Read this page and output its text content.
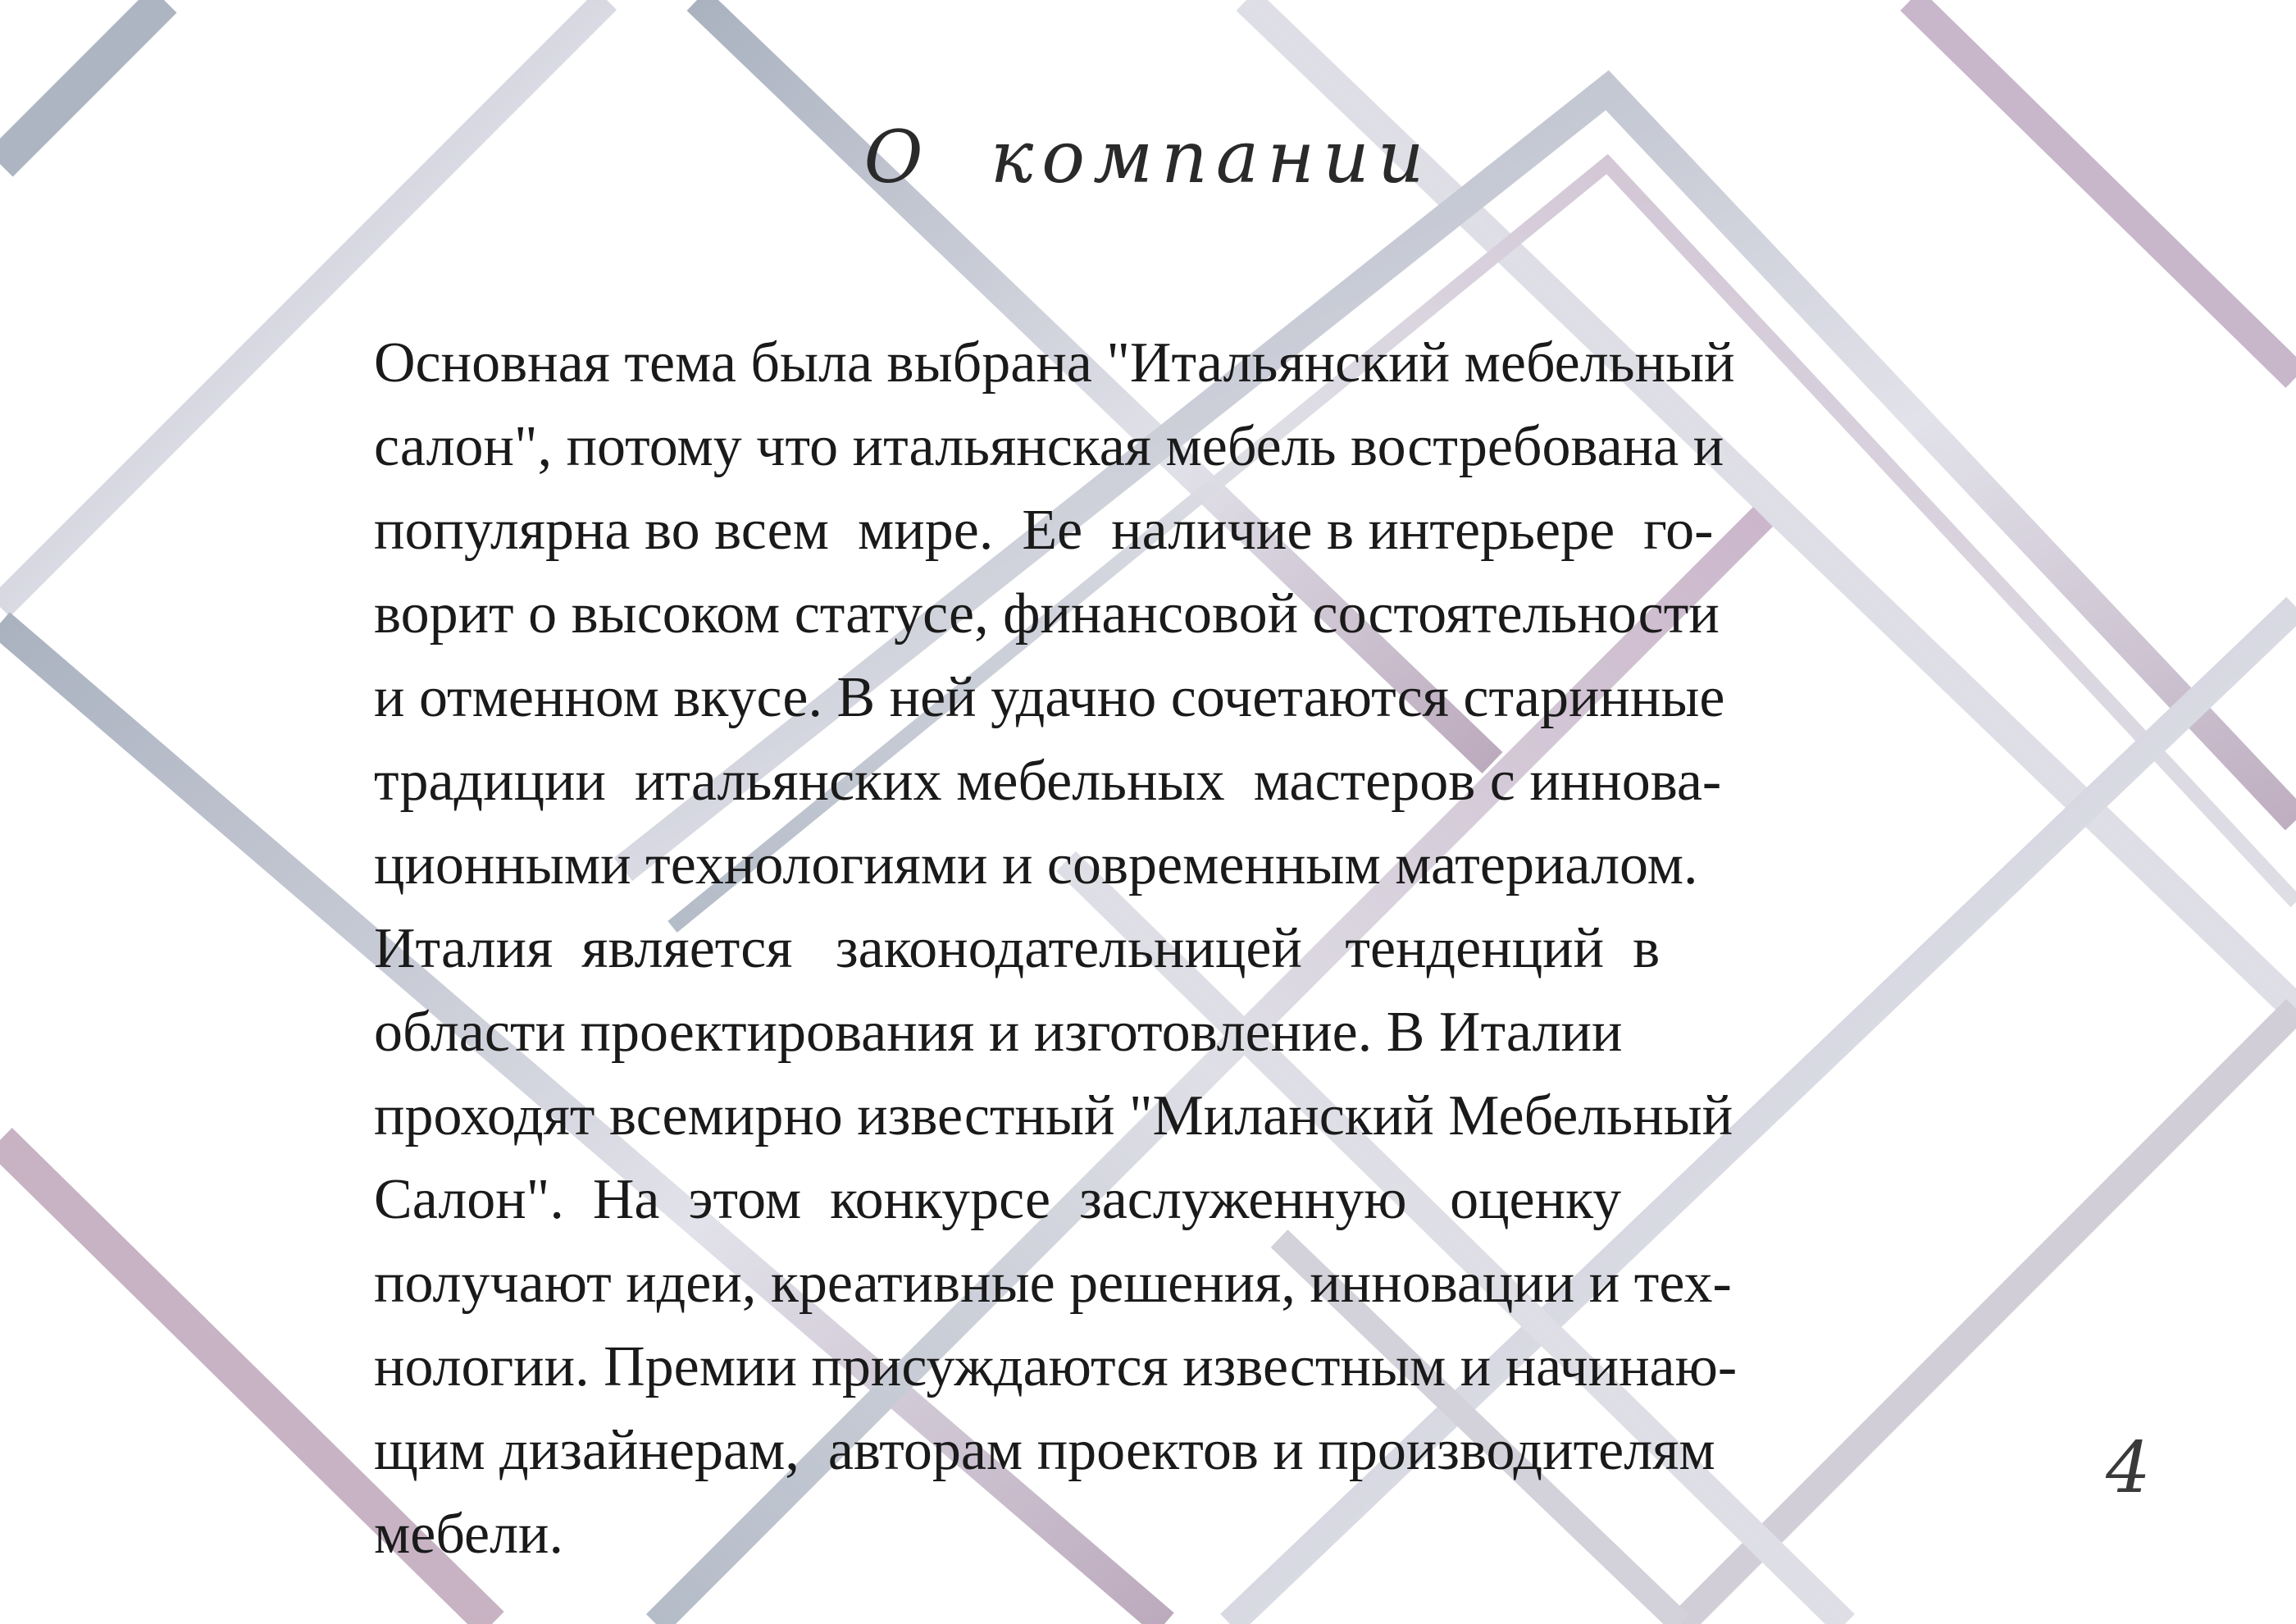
О компании

Основная тема была выбрана "Итальянский мебельный
салон", потому что итальянская мебель востребована и
популярна во всем  мире.  Ее  наличие в интерьере  го-
ворит о высоком статусе, финансовой состоятельности
и отменном вкусе. В ней удачно сочетаются старинные
традиции  итальянских мебельных  мастеров с иннова-
ционными технологиями и современным материалом.
Италия  является   законодательницей   тенденций  в
области проектирования и изготовление. В Италии
проходят всемирно известный "Миланский Мебельный
Салон".  На  этом  конкурсе  заслуженную   оценку
получают идеи, креативные решения, инновации и тех-
нологии. Премии присуждаются известным и начинаю-
щим дизайнерам,  авторам проектов и производителям
мебели.

4
